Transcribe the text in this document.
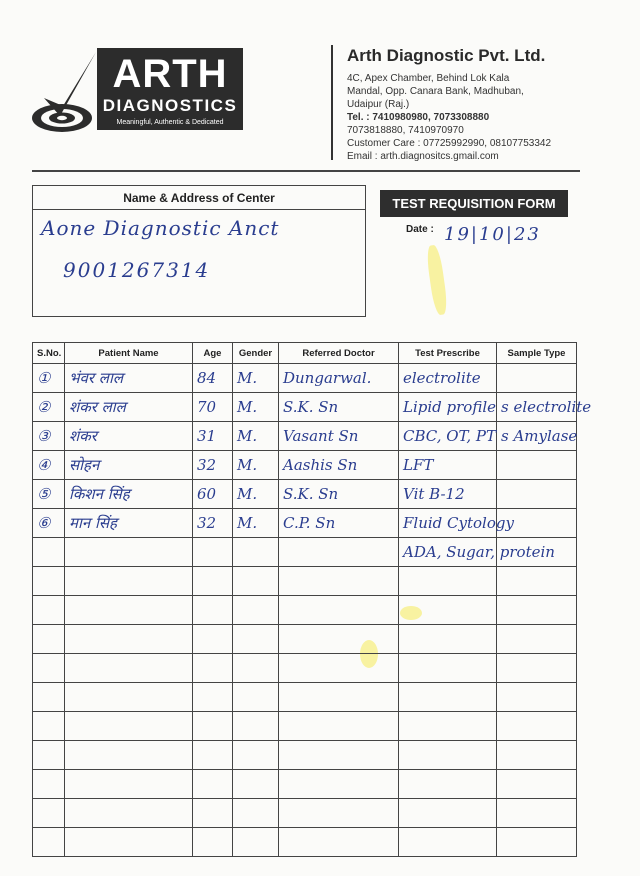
ARTH
DIAGNOSTICS
Meaningful, Authentic & Dedicated
Arth Diagnostic Pvt. Ltd.
4C, Apex Chamber, Behind Lok Kala
Mandal, Opp. Canara Bank, Madhuban,
Udaipur (Raj.)
Tel. : 7410980980, 7073308880
7073818880, 7410970970
Customer Care : 07725992990, 08107753342
Email : arth.diagnositcs.gmail.com
Name & Address of Center
Aone Diagnostic Anct
9001267314
TEST REQUISITION FORM
Date : 19|10|23
S.No.	Patient Name	Age	Gender	Referred Doctor	Test Prescribe	Sample Type
①	भंवर लाल	84	M.	Dungarwal.	electrolite	
②	शंकर लाल	70	M.	S.K. Sn	Lipid profile	s electrolite
③	शंकर	31	M.	Vasant Sn	CBC, OT, PT	s Amylase
④	सोहन	32	M.	Aashis Sn	LFT	
⑤	किशन सिंह	60	M.	S.K. Sn	Vit B-12	
⑥	मान सिंह	32	M.	C.P. Sn	Fluid Cytology	
					ADA, Sugar, protein	
